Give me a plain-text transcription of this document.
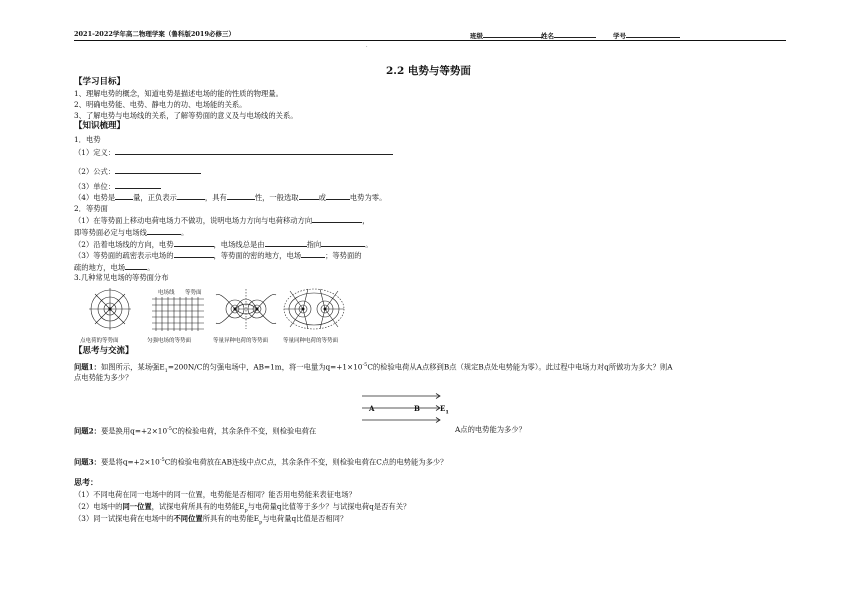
2021-2022学年高二物理学案（鲁科版2019必修三）	班级	姓名	学号
·
2.2 电势与等势面
【学习目标】
1、理解电势的概念，知道电势是描述电场的能的性质的物理量。
2、明确电势能、电势、静电力的功、电场能的关系。
3、了解电势与电场线的关系，了解等势面的意义及与电场线的关系。
【知识梳理】
1．电势
（1）定义：
（2）公式：
（3）单位：
（4）电势是 量，正负表示	，具有	性，一般选取	或	电势为零。
2．等势面
（1）在等势面上移动电荷电场力不做功，说明电场力方向与电荷移动方向	，
即等势面必定与电场线	。
（2）沿着电场线的方向，电势	，电场线总是由	指向	。
（3）等势面的疏密表示电场的	，等势面的密的地方，电场	；等势面的
疏的地方，电场	。
3.几种常见电场的等势面分布
电场线 等势面
点电荷的等势面	匀强电场的等势面	等量异种电荷的等势面	等量同种电荷的等势面
【思考与交流】
问题1：如图所示，某场强$E_1=200N/C$的匀强电场中，AB=1m，将一电量为$q=+1\times 10^{-5}C$的检验电荷从A点移到B点（规定B点处电势能为零）。此过程中电场力对q所做功为多大？则A
点电势能为多少？
A	B	$E_1$
问题2：要是换用$q=+2\times 10^{-5}C$的检验电荷，其余条件不变，则检验电荷在	A点的电势能为多少？
问题3：要是将$q=+2\times 10^{-5}C$的检验电荷放在AB连线中点C点，其余条件不变，则检验电荷在C点的电势能为多少？
思考：
（1）不同电荷在同一电场中的同一位置，电势能是否相同？能否用电势能来表征电场？
（2）电场中的同一位置，试探电荷所具有的电势能$E_p$与电荷量q比值等于多少？与试探电荷q是否有关？
（3）同一试探电荷在电场中的不同位置所具有的电势能$E_p$与电荷量q比值是否相同？
